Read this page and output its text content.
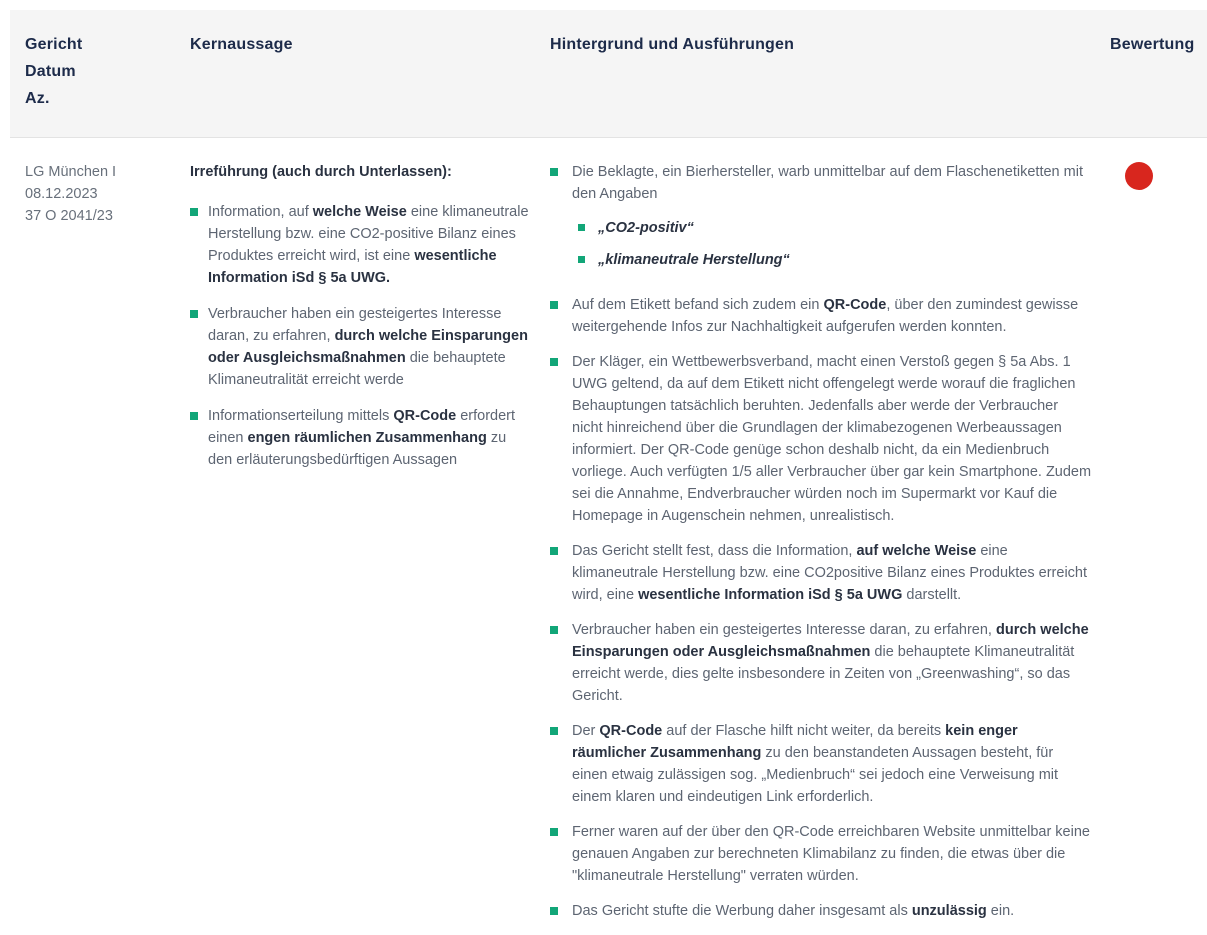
Gericht
Datum
Az.
Kernaussage	Hintergrund und Ausführungen	Bewertung
LG München I
08.12.2023
37 O 2041/23
Irreführung (auch durch Unterlassen):
Information, auf welche Weise eine klimaneutrale Herstellung bzw. eine CO2-positive Bilanz eines Produktes erreicht wird, ist eine wesentliche Information iSd § 5a UWG.
Verbraucher haben ein gesteigertes Interesse daran, zu erfahren, durch welche Einsparungen oder Ausgleichsmaßnahmen die behauptete Klimaneutralität erreicht werde
Informationserteilung mittels QR-Code erfordert einen engen räumlichen Zusammenhang zu den erläuterungsbedürftigen Aussagen
Die Beklagte, ein Bierhersteller, warb unmittelbar auf dem Flaschenetiketten mit den Angaben
„CO2-positiv“
„klimaneutrale Herstellung“
Auf dem Etikett befand sich zudem ein QR-Code, über den zumindest gewisse weitergehende Infos zur Nachhaltigkeit aufgerufen werden konnten.
Der Kläger, ein Wettbewerbsverband, macht einen Verstoß gegen § 5a Abs. 1 UWG geltend, da auf dem Etikett nicht offengelegt werde worauf die fraglichen Behauptungen tatsächlich beruhten. Jedenfalls aber werde der Verbraucher nicht hinreichend über die Grundlagen der klimabezogenen Werbeaussagen informiert. Der QR-Code genüge schon deshalb nicht, da ein Medienbruch vorliege. Auch verfügten 1/5 aller Verbraucher über gar kein Smartphone. Zudem sei die Annahme, Endverbraucher würden noch im Supermarkt vor Kauf die Homepage in Augenschein nehmen, unrealistisch.
Das Gericht stellt fest, dass die Information, auf welche Weise eine klimaneutrale Herstellung bzw. eine CO2positive Bilanz eines Produktes erreicht wird, eine wesentliche Information iSd § 5a UWG darstellt.
Verbraucher haben ein gesteigertes Interesse daran, zu erfahren, durch welche Einsparungen oder Ausgleichsmaßnahmen die behauptete Klimaneutralität erreicht werde, dies gelte insbesondere in Zeiten von „Greenwashing“, so das Gericht.
Der QR-Code auf der Flasche hilft nicht weiter, da bereits kein enger räumlicher Zusammenhang zu den beanstandeten Aussagen besteht, für einen etwaig zulässigen sog. „Medienbruch“ sei jedoch eine Verweisung mit einem klaren und eindeutigen Link erforderlich.
Ferner waren auf der über den QR-Code erreichbaren Website unmittelbar keine genauen Angaben zur berechneten Klimabilanz zu finden, die etwas über die "klimaneutrale Herstellung" verraten würden.
Das Gericht stufte die Werbung daher insgesamt als unzulässig ein.
